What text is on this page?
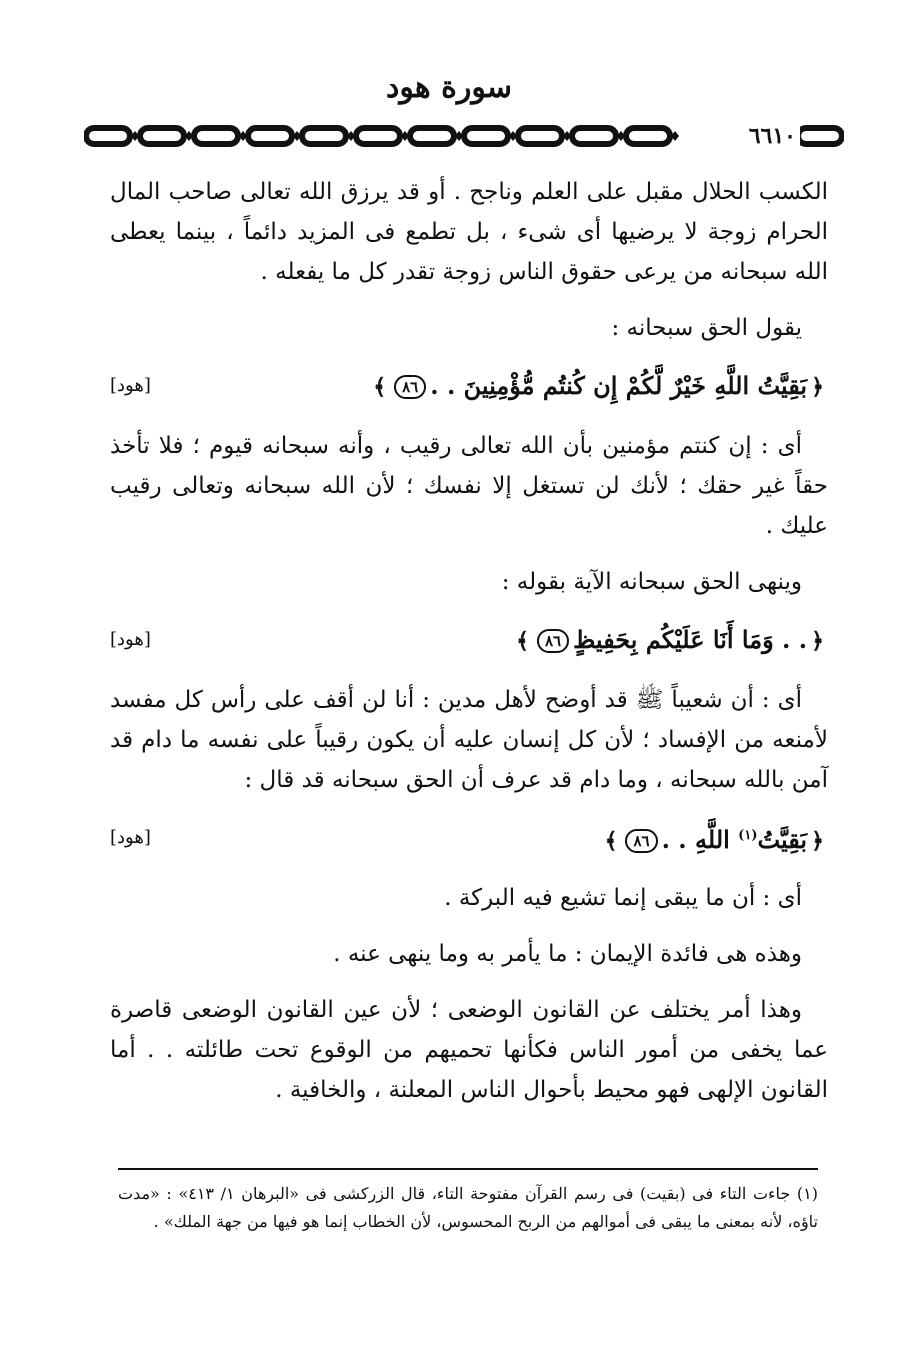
سورة هود
٦٦١٠

الكسب الحلال مقبل على العلم وناجح . أو قد يرزق الله تعالى صاحب المال الحرام زوجة لا يرضيها أى شىء ، بل تطمع فى المزيد دائماً ، بينما يعطى الله سبحانه من يرعى حقوق الناس زوجة تقدر كل ما يفعله .

يقول الحق سبحانه :

﴿بَقِيَّتُ اللَّهِ خَيْرٌ لَّكُمْ إِن كُنتُم مُّؤْمِنِينَ . .٨٦﴾
[هود]

أى : إن كنتم مؤمنين بأن الله تعالى رقيب ، وأنه سبحانه قيوم ؛ فلا تأخذ حقاً غير حقك ؛ لأنك لن تستغل إلا نفسك ؛ لأن الله سبحانه وتعالى رقيب عليك .

وينهى الحق سبحانه الآية بقوله :

﴿. . وَمَا أَنَا عَلَيْكُم بِحَفِيظٍ٨٦﴾
[هود]

أى : أن شعيباً ﷺ قد أوضح لأهل مدين : أنا لن أقف على رأس كل مفسد لأمنعه من الإفساد ؛ لأن كل إنسان عليه أن يكون رقيباً على نفسه ما دام قد آمن بالله سبحانه ، وما دام قد عرف أن الحق سبحانه قد قال :

﴿بَقِيَّتُ$^{(١)}$ اللَّهِ . .٨٦﴾
[هود]

أى : أن ما يبقى إنما تشيع فيه البركة .

وهذه هى فائدة الإيمان : ما يأمر به وما ينهى عنه .

وهذا أمر يختلف عن القانون الوضعى ؛ لأن عين القانون الوضعى قاصرة عما يخفى من أمور الناس فكأنها تحميهم من الوقوع تحت طائلته . . أما القانون الإلهى فهو محيط بأحوال الناس المعلنة ، والخافية .

(١) جاءت التاء فى (بقيت) فى رسم القرآن مفتوحة التاء، قال الزركشى فى «البرهان ١/ ٤١٣» : «مدت تاؤه، لأنه بمعنى ما يبقى فى أموالهم من الربح المحسوس، لأن الخطاب إنما هو فيها من جهة الملك» .
